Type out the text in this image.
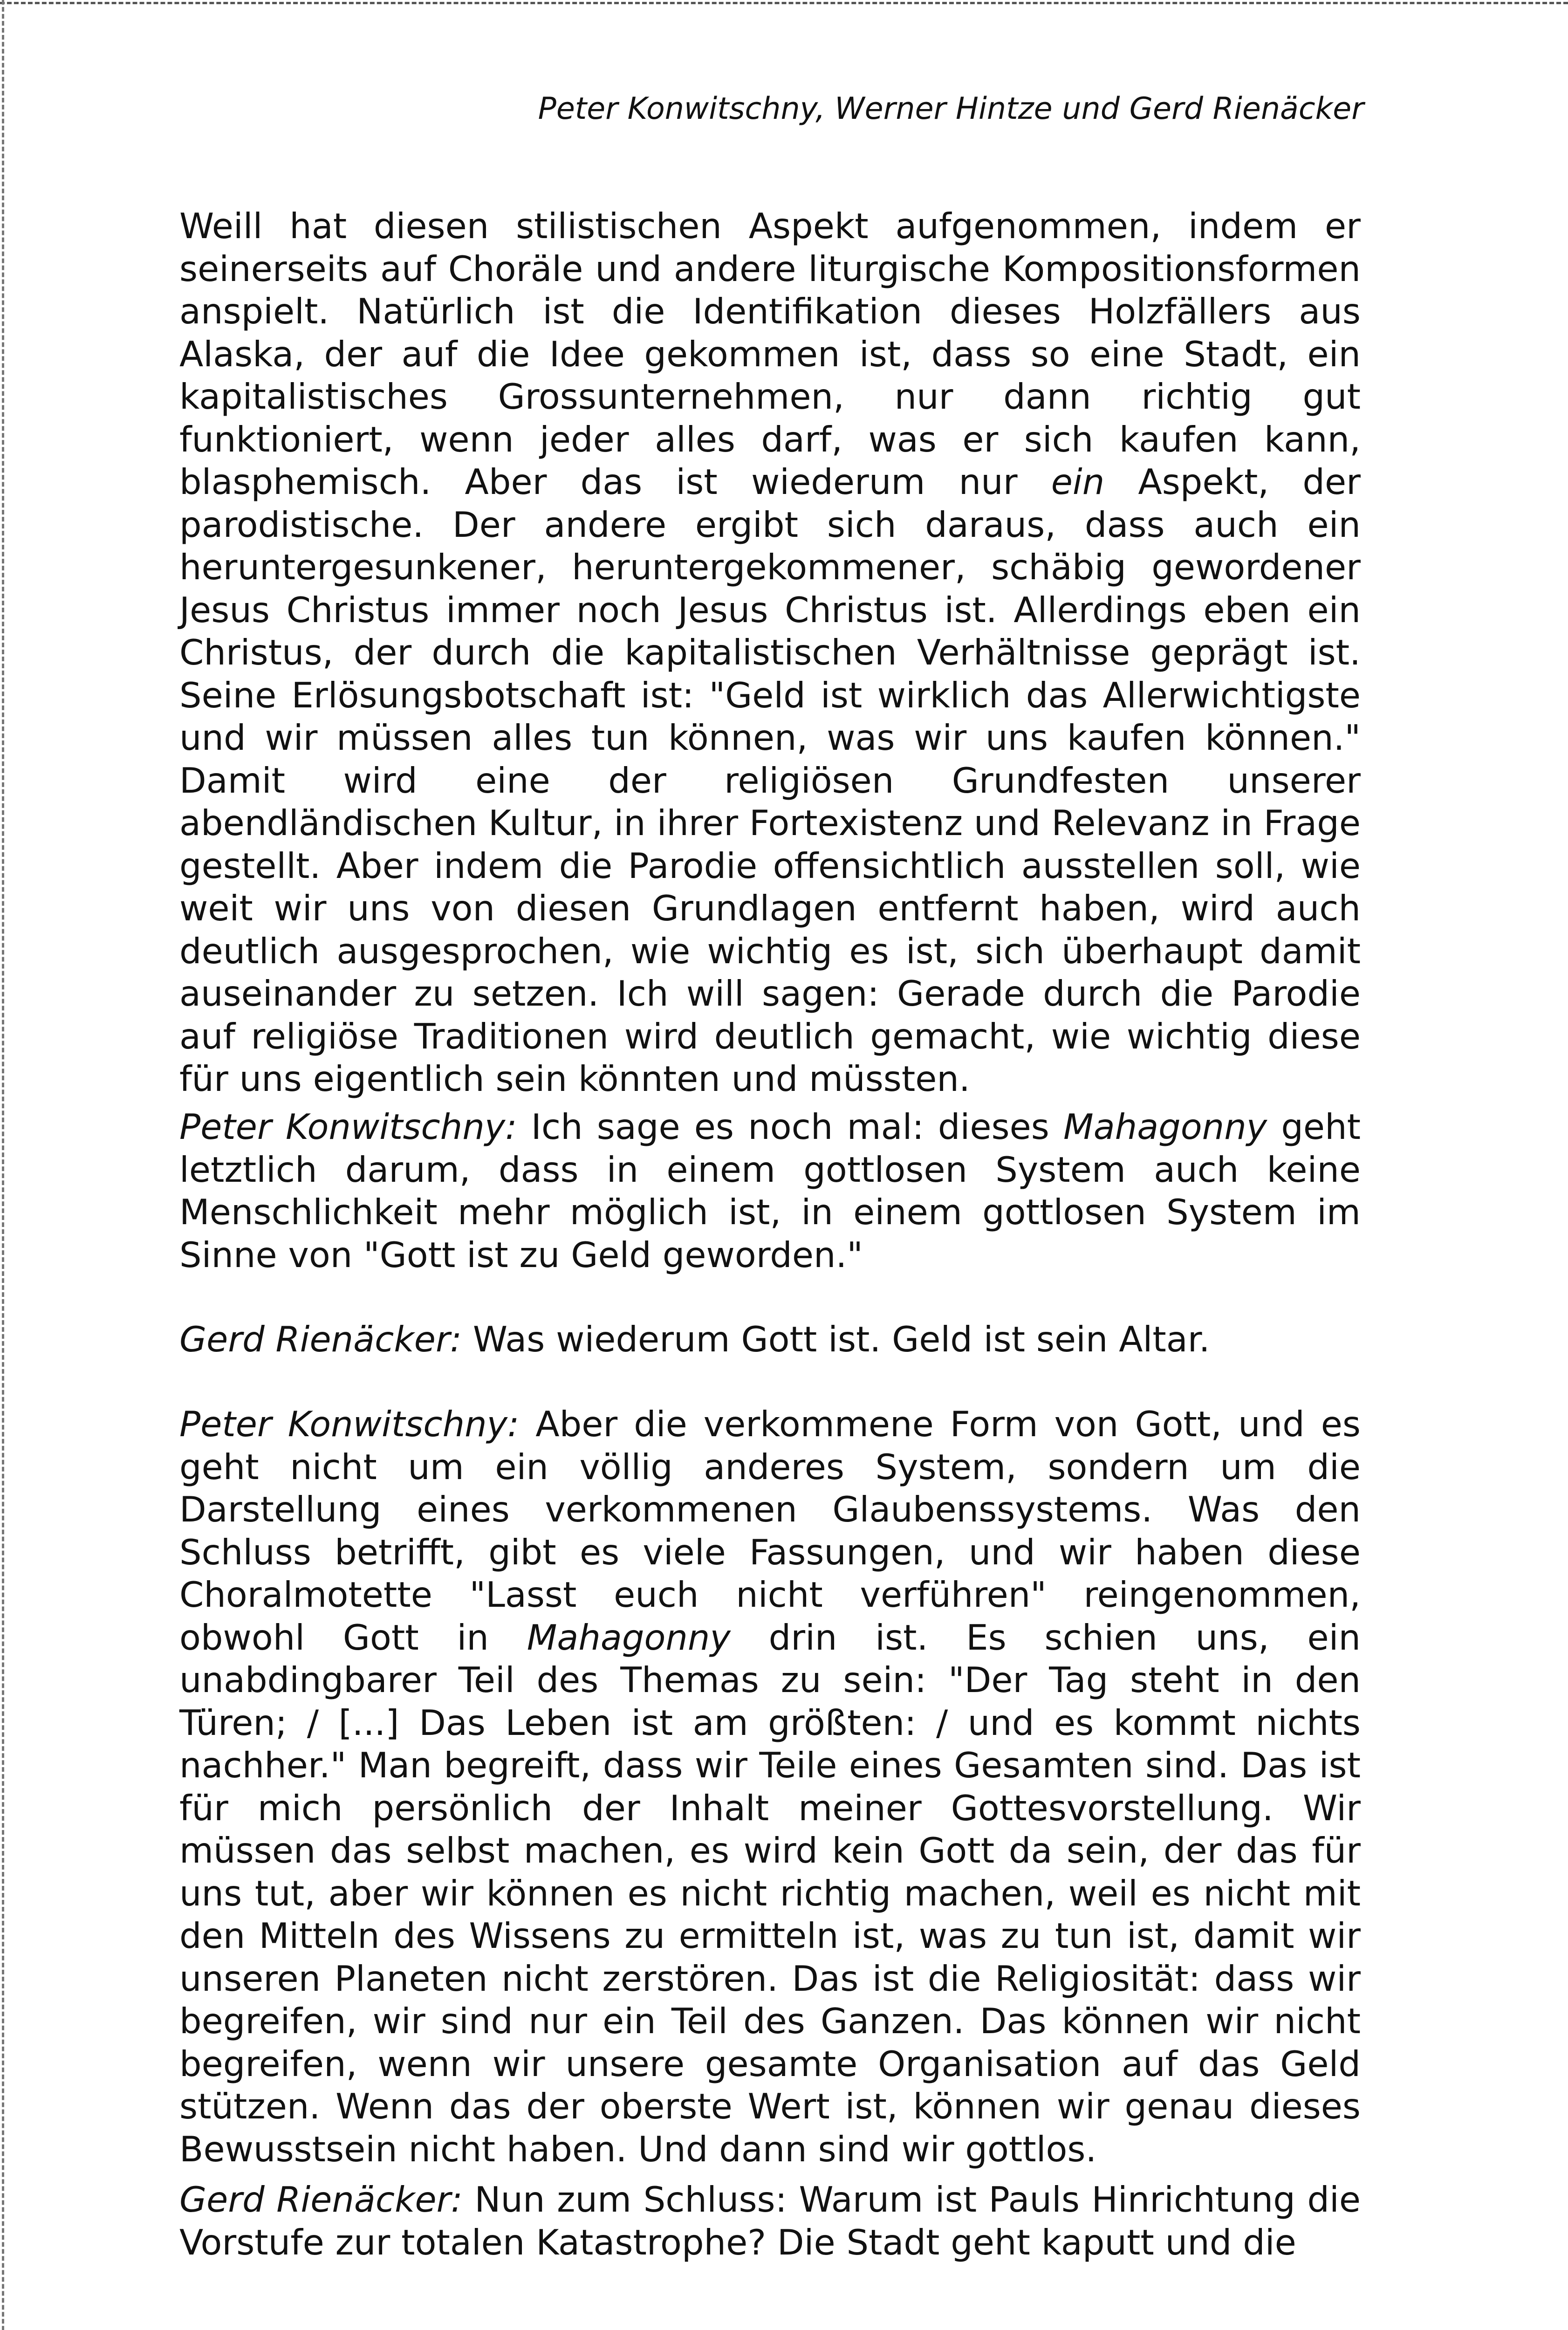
Peter Konwitschny, Werner Hintze und Gerd Rienäcker

Weill hat diesen stilistischen Aspekt aufgenommen, indem er seinerseits auf Choräle und andere liturgische Kompositionsformen anspielt. Natürlich ist die Identifikation dieses Holzfällers aus Alaska, der auf die Idee gekommen ist, dass so eine Stadt, ein kapitalistisches Grossunternehmen, nur dann richtig gut funktioniert, wenn jeder alles darf, was er sich kaufen kann, blasphemisch. Aber das ist wiederum nur ein Aspekt, der parodistische. Der andere ergibt sich daraus, dass auch ein heruntergesunkener, heruntergekommener, schäbig gewordener Jesus Christus immer noch Jesus Christus ist. Allerdings eben ein Christus, der durch die kapitalistischen Verhältnisse geprägt ist. Seine Erlösungsbotschaft ist: "Geld ist wirklich das Allerwichtigste und wir müssen alles tun können, was wir uns kaufen können." Damit wird eine der religiösen Grundfesten unserer abendländischen Kultur, in ihrer Fortexistenz und Relevanz in Frage gestellt. Aber indem die Parodie offensichtlich ausstellen soll, wie weit wir uns von diesen Grundlagen entfernt haben, wird auch deutlich ausgesprochen, wie wichtig es ist, sich überhaupt damit auseinander zu setzen. Ich will sagen: Gerade durch die Parodie auf religiöse Traditionen wird deutlich gemacht, wie wichtig diese für uns eigentlich sein könnten und müssten.

Peter Konwitschny: Ich sage es noch mal: dieses Mahagonny geht letztlich darum, dass in einem gottlosen System auch keine Menschlichkeit mehr möglich ist, in einem gottlosen System im Sinne von "Gott ist zu Geld geworden."

Gerd Rienäcker: Was wiederum Gott ist. Geld ist sein Altar.

Peter Konwitschny: Aber die verkommene Form von Gott, und es geht nicht um ein völlig anderes System, sondern um die Darstellung eines verkommenen Glaubenssystems. Was den Schluss betrifft, gibt es viele Fassungen, und wir haben diese Choralmotette "Lasst euch nicht verführen" reingenommen, obwohl Gott in Mahagonny drin ist. Es schien uns, ein unabdingbarer Teil des Themas zu sein: "Der Tag steht in den Türen; / [...] Das Leben ist am größten: / und es kommt nichts nachher." Man begreift, dass wir Teile eines Gesamten sind. Das ist für mich persönlich der Inhalt meiner Gottesvorstellung. Wir müssen das selbst machen, es wird kein Gott da sein, der das für uns tut, aber wir können es nicht richtig machen, weil es nicht mit den Mitteln des Wissens zu ermitteln ist, was zu tun ist, damit wir unseren Planeten nicht zerstören. Das ist die Religiosität: dass wir begreifen, wir sind nur ein Teil des Ganzen. Das können wir nicht begreifen, wenn wir unsere gesamte Organisation auf das Geld stützen. Wenn das der oberste Wert ist, können wir genau dieses Bewusstsein nicht haben. Und dann sind wir gottlos.

Gerd Rienäcker: Nun zum Schluss: Warum ist Pauls Hinrichtung die Vorstufe zur totalen Katastrophe? Die Stadt geht kaputt und die
